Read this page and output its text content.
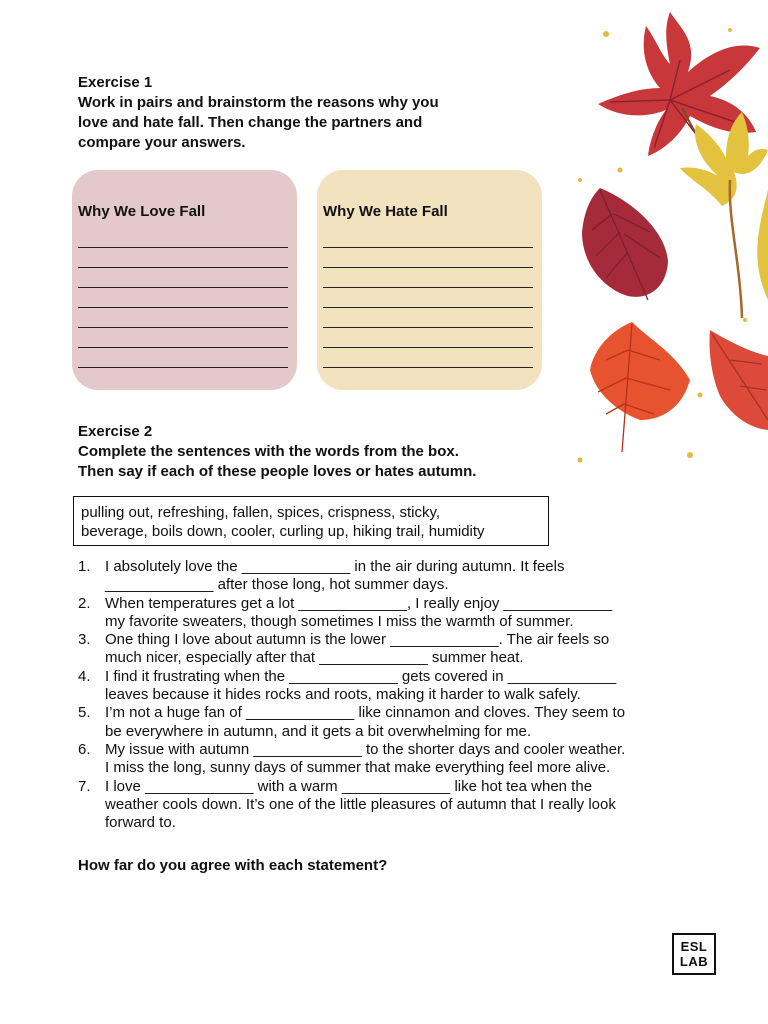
Exercise 1
Work in pairs and brainstorm the reasons why you
love and hate fall. Then change the partners and
compare your answers.
Why We Love Fall	Why We Hate Fall
Exercise 2
Complete the sentences with the words from the box.
Then say if each of these people loves or hates autumn.
pulling out, refreshing, fallen, spices, crispness, sticky,
beverage, boils down, cooler, curling up, hiking trail, humidity
1. I absolutely love the _____________ in the air during autumn. It feels
_____________ after those long, hot summer days.
2. When temperatures get a lot _____________, I really enjoy _____________
my favorite sweaters, though sometimes I miss the warmth of summer.
3. One thing I love about autumn is the lower _____________. The air feels so
much nicer, especially after that _____________ summer heat.
4. I find it frustrating when the _____________ gets covered in _____________
leaves because it hides rocks and roots, making it harder to walk safely.
5. I’m not a huge fan of _____________ like cinnamon and cloves. They seem to
be everywhere in autumn, and it gets a bit overwhelming for me.
6. My issue with autumn _____________ to the shorter days and cooler weather.
I miss the long, sunny days of summer that make everything feel more alive.
7. I love _____________ with a warm _____________ like hot tea when the
weather cools down. It’s one of the little pleasures of autumn that I really look
forward to.
How far do you agree with each statement?
ESL
LAB
